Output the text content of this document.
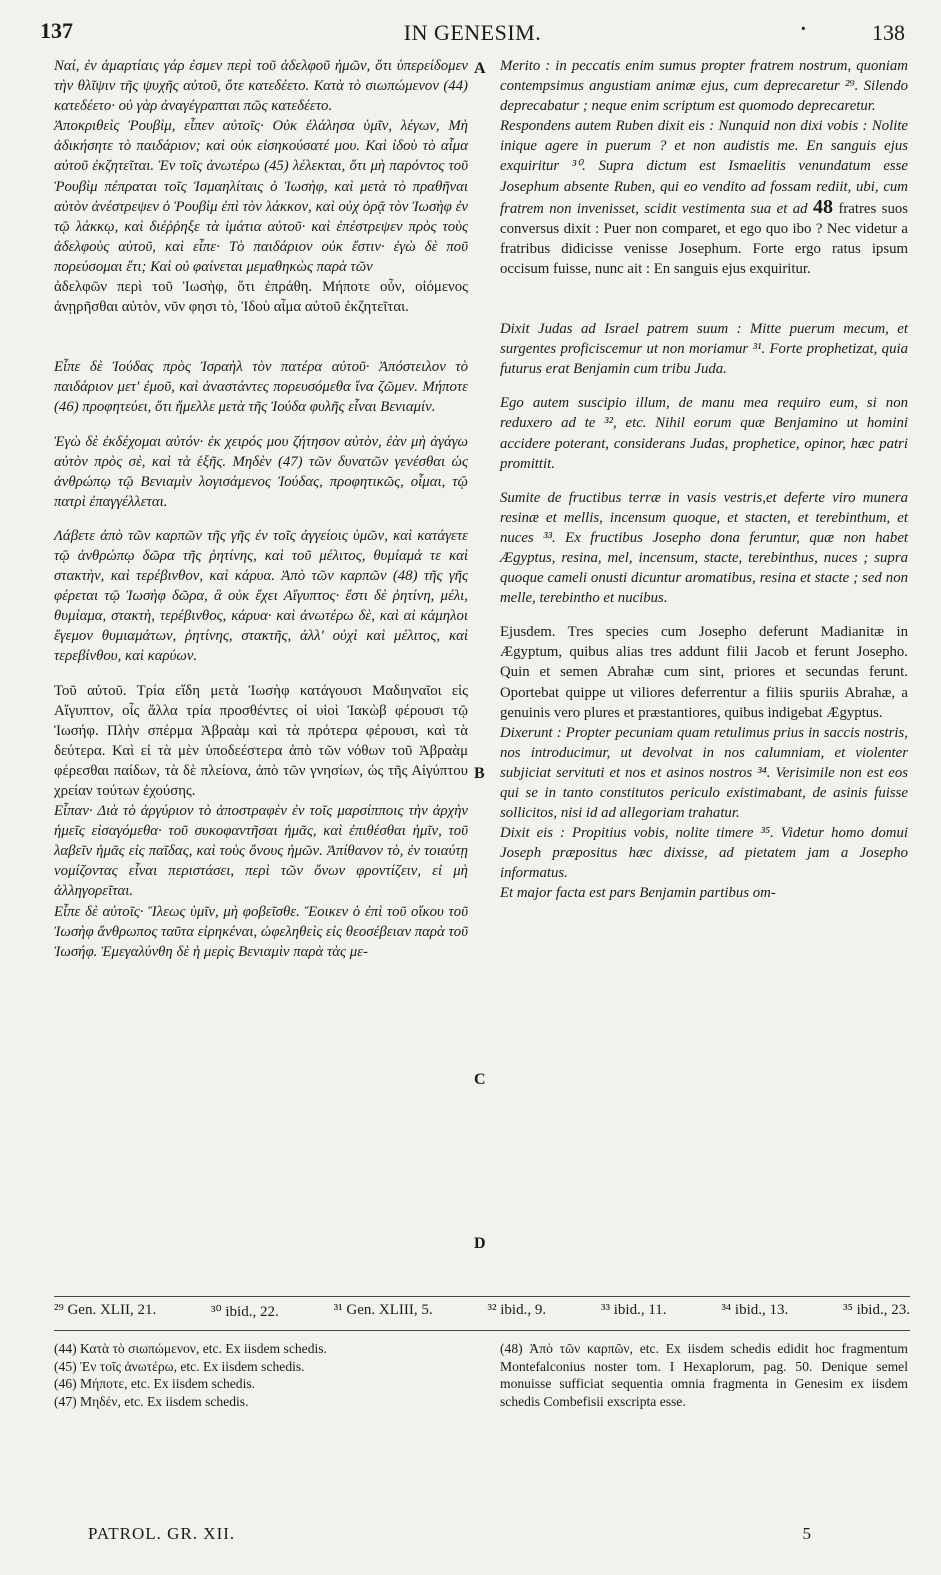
137	IN GENESIM.	·	138
A
B
C
D

Ναί, ἐν ἁμαρτίαις γάρ ἐσμεν περὶ τοῦ ἀδελφοῦ ἡμῶν, ὅτι ὑπερείδομεν τὴν θλῖψιν τῆς ψυχῆς αὐτοῦ, ὅτε κατεδέετο. Κατὰ τὸ σιωπώμενον (44) κατεδέετο· οὐ γὰρ ἀναγέγραπται πῶς κατεδέετο.

Ἀποκριθεὶς Ῥουβὶμ, εἶπεν αὐτοῖς· Οὐκ ἐλάλησα ὑμῖν, λέγων, Μὴ ἀδικήσητε τὸ παιδάριον; καὶ οὐκ εἰσηκούσατέ μου. Καὶ ἰδοὺ τὸ αἷμα αὐτοῦ ἐκζητεῖται. Ἐν τοῖς ἀνωτέρω (45) λέλεκται, ὅτι μὴ παρόντος τοῦ Ῥουβὶμ πέπραται τοῖς Ἰσμαηλίταις ὁ Ἰωσὴφ, καὶ μετὰ τὸ πραθῆναι αὐτὸν ἀνέστρεψεν ὁ Ῥουβὶμ ἐπὶ τὸν λάκκον, καὶ οὐχ ὁρᾷ τὸν Ἰωσὴφ ἐν τῷ λάκκῳ, καὶ διέῤῥηξε τὰ ἱμάτια αὐτοῦ· καὶ ἐπέστρεψεν πρὸς τοὺς ἀδελφοὺς αὐτοῦ, καὶ εἶπε· Τὸ παιδάριον οὐκ ἔστιν· ἐγὼ δὲ ποῦ πορεύσομαι ἔτι; Καὶ οὐ φαίνεται μεμαθηκὼς παρὰ τῶν

ἀδελφῶν περὶ τοῦ Ἰωσὴφ, ὅτι ἐπράθη. Μήποτε οὖν, οἰόμενος ἀνῃρῆσθαι αὐτὸν, νῦν φησι τὸ, Ἰδοὺ αἷμα αὐτοῦ ἐκζητεῖται.

Εἶπε δὲ Ἰούδας πρὸς Ἰσραὴλ τὸν πατέρα αὐτοῦ· Ἀπόστειλον τὸ παιδάριον μετ' ἐμοῦ, καὶ ἀναστάντες πορευσόμεθα ἵνα ζῶμεν. Μήποτε (46) προφητεύει, ὅτι ἤμελλε μετὰ τῆς Ἰούδα φυλῆς εἶναι Βενιαμίν.

Ἐγὼ δὲ ἐκδέχομαι αὐτόν· ἐκ χειρός μου ζήτησον αὐτὸν, ἐὰν μὴ ἀγάγω αὐτὸν πρὸς σὲ, καὶ τὰ ἑξῆς. Μηδὲν (47) τῶν δυνατῶν γενέσθαι ὡς ἀνθρώπῳ τῷ Βενιαμὶν λογισάμενος Ἰούδας, προφητικῶς, οἶμαι, τῷ πατρὶ ἐπαγγέλλεται.

Λάβετε ἀπὸ τῶν καρπῶν τῆς γῆς ἐν τοῖς ἀγγείοις ὑμῶν, καὶ κατάγετε τῷ ἀνθρώπῳ δῶρα τῆς ῥητίνης, καὶ τοῦ μέλιτος, θυμίαμά τε καὶ στακτὴν, καὶ τερέβινθον, καὶ κάρυα. Ἀπὸ τῶν καρπῶν (48) τῆς γῆς φέρεται τῷ Ἰωσὴφ δῶρα, ἃ οὐκ ἔχει Αἴγυπτος· ἔστι δὲ ῥητίνη, μέλι, θυμίαμα, στακτὴ, τερέβινθος, κάρυα· καὶ ἀνωτέρω δὲ, καὶ αἱ κάμηλοι ἔγεμον θυμιαμάτων, ῥητίνης, στακτῆς, ἀλλ' οὐχὶ καὶ μέλιτος, καὶ τερεβίνθου, καὶ καρύων.

Τοῦ αὐτοῦ. Τρία εἴδη μετὰ Ἰωσὴφ κατάγουσι Μαδιηναῖοι εἰς Αἴγυπτον, οἷς ἄλλα τρία προσθέντες οἱ υἱοὶ Ἰακὼβ φέρουσι τῷ Ἰωσήφ. Πλὴν σπέρμα Ἀβραὰμ καὶ τὰ πρότερα φέρουσι, καὶ τὰ δεύτερα. Καὶ εἰ τὰ μὲν ὑποδεέστερα ἀπὸ τῶν νόθων τοῦ Ἀβραὰμ φέρεσθαι παίδων, τὰ δὲ πλείονα, ἀπὸ τῶν γνησίων, ὡς τῆς Αἰγύπτου χρείαν τούτων ἐχούσης.

Εἶπαν· Διὰ τὸ ἀργύριον τὸ ἀποστραφὲν ἐν τοῖς μαρσίπποις τὴν ἀρχὴν ἡμεῖς εἰσαγόμεθα· τοῦ συκοφαντῆσαι ἡμᾶς, καὶ ἐπιθέσθαι ἡμῖν, τοῦ λαβεῖν ἡμᾶς εἰς παῖδας, καὶ τοὺς ὄνους ἡμῶν. Ἀπίθανον τὸ, ἐν τοιαύτῃ νομίζοντας εἶναι περιστάσει, περὶ τῶν ὄνων φροντίζειν, εἰ μὴ ἀλληγορεῖται.

Εἶπε δὲ αὐτοῖς· Ἵλεως ὑμῖν, μὴ φοβεῖσθε. Ἔοικεν ὁ ἐπὶ τοῦ οἴκου τοῦ Ἰωσὴφ ἄνθρωπος ταῦτα εἰρηκέναι, ὠφεληθεὶς εἰς θεοσέβειαν παρὰ τοῦ Ἰωσήφ. Ἐμεγαλύνθη δὲ ἡ μερὶς Βενιαμὶν παρὰ τὰς με-

Merito : in peccatis enim sumus propter fratrem nostrum, quoniam contempsimus angustiam animæ ejus, cum deprecaretur ²⁹. Silendo deprecabatur ; neque enim scriptum est quomodo deprecaretur.

Respondens autem Ruben dixit eis : Nunquid non dixi vobis : Nolite inique agere in puerum ? et non audistis me. En sanguis ejus exquiritur ³⁰. Supra dictum est Ismaelitis venundatum esse Josephum absente Ruben, qui eo vendito ad fossam rediit, ubi, cum fratrem non invenisset, scidit vestimenta sua et ad 48 fratres suos conversus dixit : Puer non comparet, et ego quo ibo ? Nec videtur a fratribus didicisse venisse Josephum. Forte ergo ratus ipsum occisum fuisse, nunc ait : En sanguis ejus exquiritur.

Dixit Judas ad Israel patrem suum : Mitte puerum mecum, et surgentes proficiscemur ut non moriamur ³¹. Forte prophetizat, quia futurus erat Benjamin cum tribu Juda.

Ego autem suscipio illum, de manu mea requiro eum, si non reduxero ad te ³², etc. Nihil eorum quæ Benjamino ut homini accidere poterant, considerans Judas, prophetice, opinor, hæc patri promittit.

Sumite de fructibus terræ in vasis vestris,et deferte viro munera resinæ et mellis, incensum quoque, et stacten, et terebinthum, et nuces ³³. Ex fructibus Josepho dona feruntur, quæ non habet Ægyptus, resina, mel, incensum, stacte, terebinthus, nuces ; supra quoque cameli onusti dicuntur aromatibus, resina et stacte ; sed non melle, terebintho et nucibus.

Ejusdem. Tres species cum Josepho deferunt Madianitæ in Ægyptum, quibus alias tres addunt filii Jacob et ferunt Josepho. Quin et semen Abrahæ cum sint, priores et secundas ferunt. Oportebat quippe ut viliores deferrentur a filiis spuriis Abrahæ, a genuinis vero plures et præstantiores, quibus indigebat Ægyptus.

Dixerunt : Propter pecuniam quam retulimus prius in saccis nostris, nos introducimur, ut devolvat in nos calumniam, et violenter subjiciat servituti et nos et asinos nostros ³⁴. Verisimile non est eos qui se in tanto constitutos periculo existimabant, de asinis fuisse sollicitos, nisi id ad allegoriam trahatur.

Dixit eis : Propitius vobis, nolite timere ³⁵. Videtur homo domui Joseph præpositus hæc dixisse, ad pietatem jam a Josepho informatus.

Et major facta est pars Benjamin partibus om-

²⁹ Gen. XLII, 21.	³⁰ ibid., 22.	³¹ Gen. XLIII, 5.	³² ibid., 9.	³³ ibid., 11.	³⁴ ibid., 13.	³⁵ ibid., 23.

(44) Κατὰ τὸ σιωπώμενον, etc. Ex iisdem schedis.

(45) Ἐν τοῖς ἀνωτέρω, etc. Ex iisdem schedis.

(46) Μήποτε, etc. Ex iisdem schedis.

(47) Μηδέν, etc. Ex iisdem schedis.

(48) Ἀπὸ τῶν καρπῶν, etc. Ex iisdem schedis edidit hoc fragmentum Montefalconius noster tom. I Hexaplorum, pag. 50. Denique semel monuisse sufficiat sequentia omnia fragmenta in Genesim ex iisdem schedis Combefisii exscripta esse.

PATROL. GR. XII.	5
